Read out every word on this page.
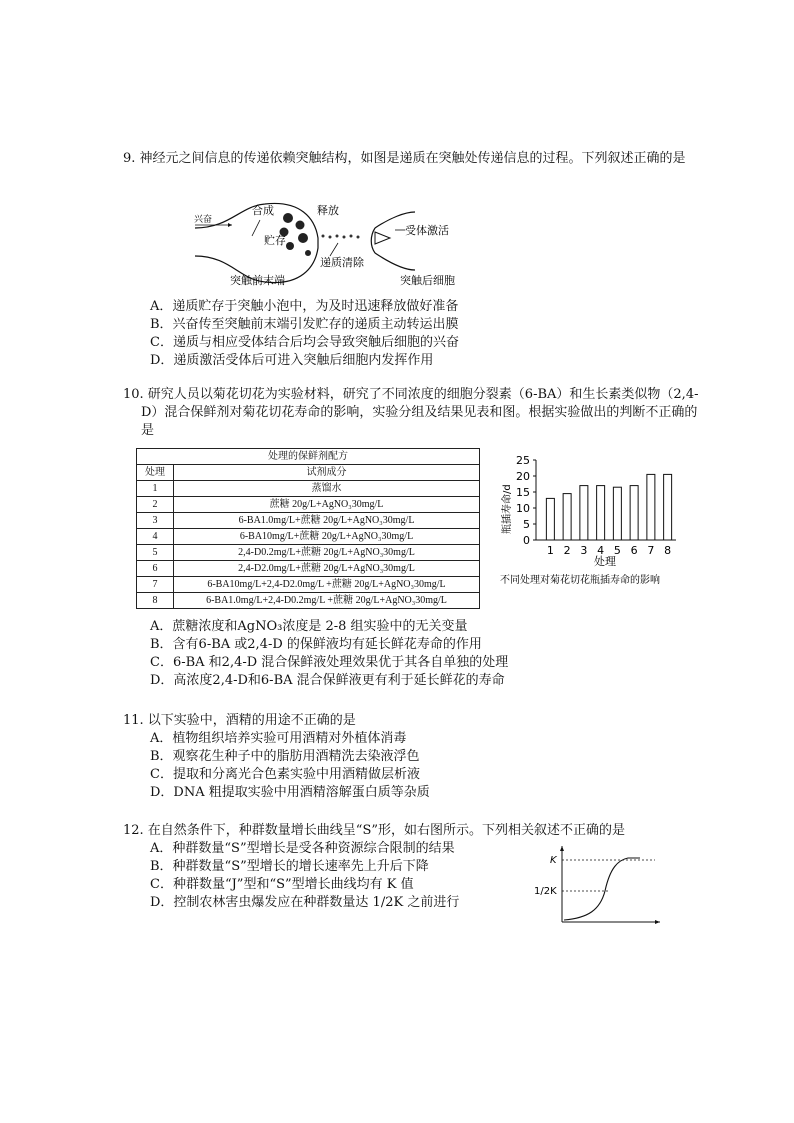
9. 神经元之间信息的传递依赖突触结构，如图是递质在突触处传递信息的过程。下列叙述正确的是
兴奋
合成	释放
贮存
受体激活
递质清除
突触前末端	突触后细胞
A．递质贮存于突触小泡中，为及时迅速释放做好准备
B．兴奋传至突触前末端引发贮存的递质主动转运出膜
C．递质与相应受体结合后均会导致突触后细胞的兴奋
D．递质激活受体后可进入突触后细胞内发挥作用
10. 研究人员以菊花切花为实验材料，研究了不同浓度的细胞分裂素（6-BA）和生长素类似物（2,4-D）混合保鲜剂对菊花切花寿命的影响，实验分组及结果见表和图。根据实验做出的判断不正确的是
处理的保鲜剂配方	
处理	试剂成分
1	蒸馏水
2	蔗糖 20g/L+AgNO₃30mg/L
3	6-BA1.0mg/L+蔗糖 20g/L+AgNO₃30mg/L
4	6-BA10mg/L+蔗糖 20g/L+AgNO₃30mg/L
5	2,4-D0.2mg/L+蔗糖 20g/L+AgNO₃30mg/L
6	2,4-D2.0mg/L+蔗糖 20g/L+AgNO₃30mg/L
7	6-BA10mg/L+2,4-D2.0mg/L +蔗糖 20g/L+AgNO₃30mg/L
8	6-BA1.0mg/L+2,4-D0.2mg/L +蔗糖 20g/L+AgNO₃30mg/L
0
5
10
15
20
25
1 2 3 4 5 6 7 8
瓶插寿命/d
处理
不同处理对菊花切花瓶插寿命的影响
A．蔗糖浓度和AgNO₃浓度是 2-8 组实验中的无关变量
B．含有6-BA 或2,4-D 的保鲜液均有延长鲜花寿命的作用
C．6-BA 和2,4-D 混合保鲜液处理效果优于其各自单独的处理
D．高浓度2,4-D和6-BA 混合保鲜液更有利于延长鲜花的寿命
11. 以下实验中，酒精的用途不正确的是
A．植物组织培养实验可用酒精对外植体消毒
B．观察花生种子中的脂肪用酒精洗去染液浮色
C．提取和分离光合色素实验中用酒精做层析液
D．DNA 粗提取实验中用酒精溶解蛋白质等杂质
12. 在自然条件下，种群数量增长曲线呈“S”形，如右图所示。下列相关叙述不正确的是
A．种群数量“S”型增长是受各种资源综合限制的结果
B．种群数量“S”型增长的增长速率先上升后下降
C．种群数量“J”型和“S”型增长曲线均有 K 值
D．控制农林害虫爆发应在种群数量达 1/2K 之前进行
K
1/2K
